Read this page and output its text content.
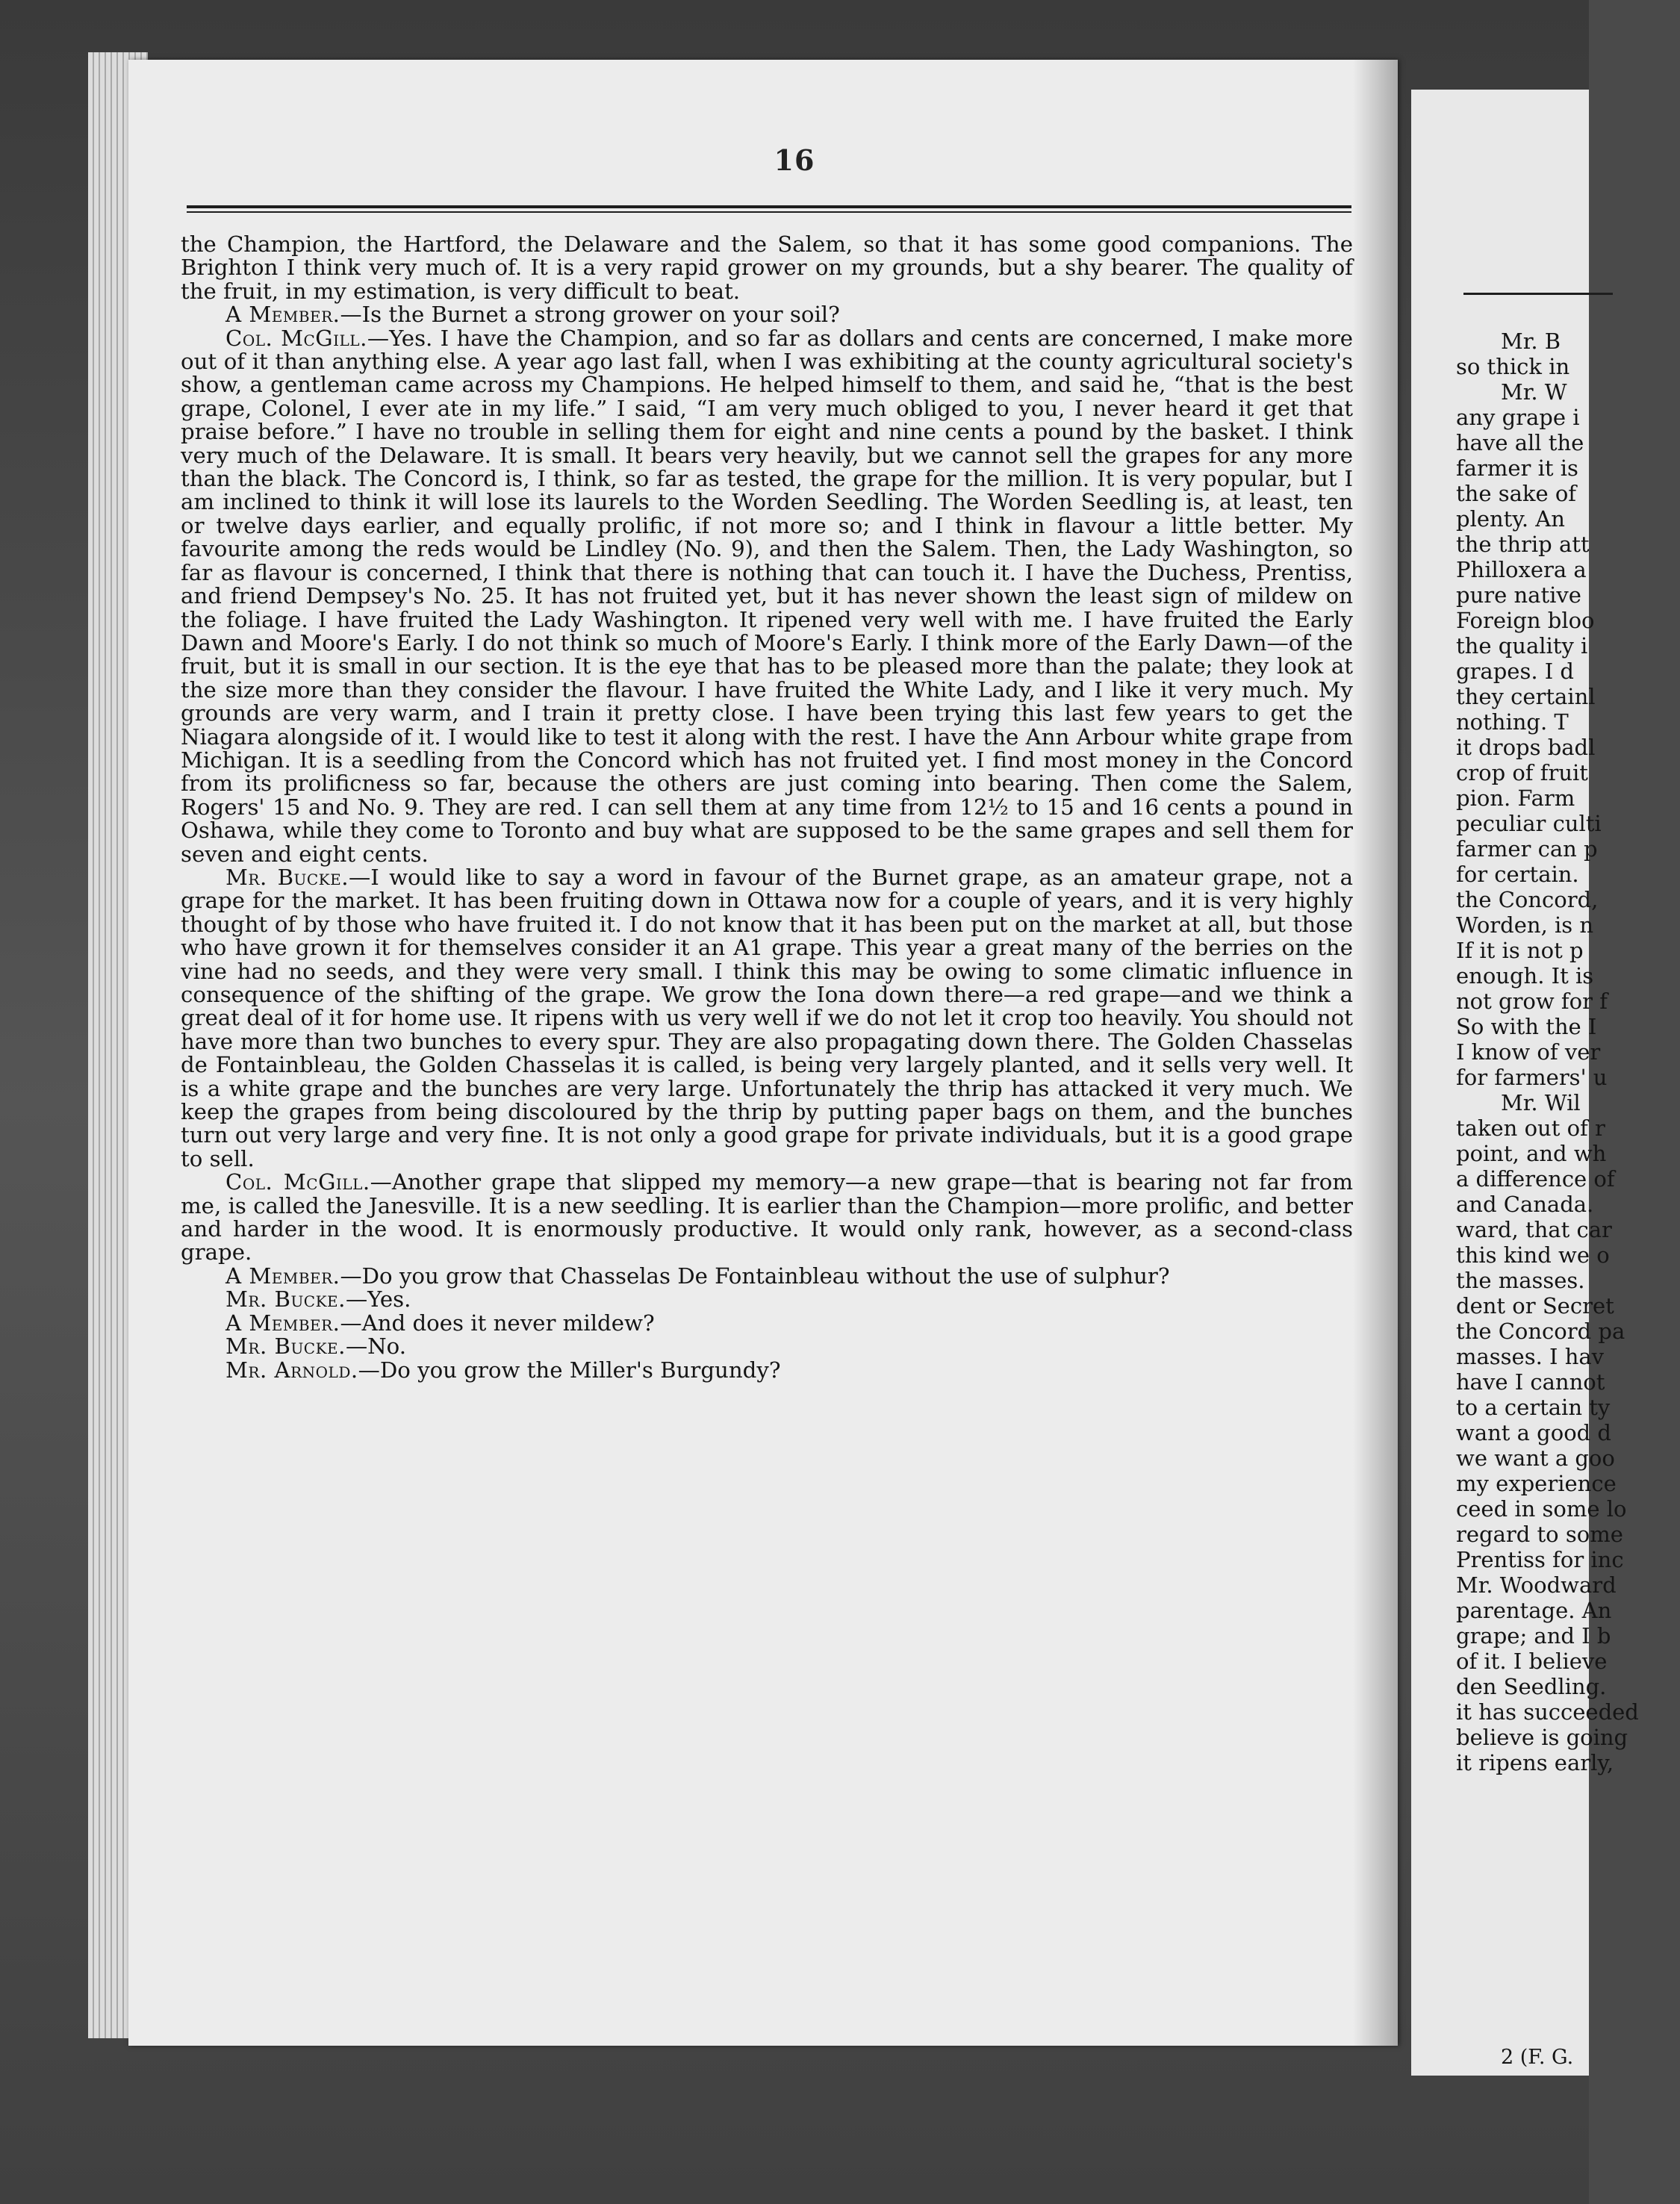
Mr. B
so thick in
Mr. W
any grape i
have all the
farmer it is
the sake of
plenty. An
the thrip att
Philloxera a
pure native
Foreign bloo
the quality i
grapes. I d
they certainl
nothing. T
it drops badl
crop of fruit
pion. Farm
peculiar culti
farmer can p
for certain.
the Concord,
Worden, is n
If it is not p
enough. It is
not grow for f
So with the I
I know of ver
for farmers' u
Mr. Wil
taken out of r
point, and wh
a difference of
and Canada.
ward, that car
this kind we o
the masses.
dent or Secret
the Concord pa
masses. I hav
have I cannot
to a certain ty
want a good d
we want a goo
my experience
ceed in some lo
regard to some
Prentiss for inc
Mr. Woodward
parentage. An
grape; and I b
of it. I believe
den Seedling.
it has succeeded
believe is going
it ripens early,
2 (F. G.
16

the Champion, the Hartford, the Delaware and the Salem, so that it has some good companions. The Brighton I think very much of. It is a very rapid grower on my grounds, but a shy bearer. The quality of the fruit, in my estimation, is very difficult to beat.

A Member.—Is the Burnet a strong grower on your soil?

Col. McGill.—Yes. I have the Champion, and so far as dollars and cents are concerned, I make more out of it than anything else. A year ago last fall, when I was exhibiting at the county agricultural society's show, a gentleman came across my Champions. He helped himself to them, and said he, “that is the best grape, Colonel, I ever ate in my life.” I said, “I am very much obliged to you, I never heard it get that praise before.” I have no trouble in selling them for eight and nine cents a pound by the basket. I think very much of the Delaware. It is small. It bears very heavily, but we cannot sell the grapes for any more than the black. The Concord is, I think, so far as tested, the grape for the million. It is very popular, but I am inclined to think it will lose its laurels to the Worden Seedling. The Worden Seedling is, at least, ten or twelve days earlier, and equally prolific, if not more so; and I think in flavour a little better. My favourite among the reds would be Lindley (No. 9), and then the Salem. Then, the Lady Washington, so far as flavour is concerned, I think that there is nothing that can touch it. I have the Duchess, Prentiss, and friend Dempsey's No. 25. It has not fruited yet, but it has never shown the least sign of mildew on the foliage. I have fruited the Lady Washington. It ripened very well with me. I have fruited the Early Dawn and Moore's Early. I do not think so much of Moore's Early. I think more of the Early Dawn—of the fruit, but it is small in our section. It is the eye that has to be pleased more than the palate; they look at the size more than they consider the flavour. I have fruited the White Lady, and I like it very much. My grounds are very warm, and I train it pretty close. I have been trying this last few years to get the Niagara alongside of it. I would like to test it along with the rest. I have the Ann Arbour white grape from Michigan. It is a seedling from the Concord which has not fruited yet. I find most money in the Concord from its prolificness so far, because the others are just coming into bearing. Then come the Salem, Rogers' 15 and No. 9. They are red. I can sell them at any time from 12½ to 15 and 16 cents a pound in Oshawa, while they come to Toronto and buy what are supposed to be the same grapes and sell them for seven and eight cents.

Mr. Bucke.—I would like to say a word in favour of the Burnet grape, as an amateur grape, not a grape for the market. It has been fruiting down in Ottawa now for a couple of years, and it is very highly thought of by those who have fruited it. I do not know that it has been put on the market at all, but those who have grown it for themselves consider it an A1 grape. This year a great many of the berries on the vine had no seeds, and they were very small. I think this may be owing to some climatic influence in consequence of the shifting of the grape. We grow the Iona down there—a red grape—and we think a great deal of it for home use. It ripens with us very well if we do not let it crop too heavily. You should not have more than two bunches to every spur. They are also propagating down there. The Golden Chasselas de Fontainbleau, the Golden Chasselas it is called, is being very largely planted, and it sells very well. It is a white grape and the bunches are very large. Unfortunately the thrip has attacked it very much. We keep the grapes from being discoloured by the thrip by putting paper bags on them, and the bunches turn out very large and very fine. It is not only a good grape for private individuals, but it is a good grape to sell.

Col. McGill.—Another grape that slipped my memory—a new grape—that is bearing not far from me, is called the Janesville. It is a new seedling. It is earlier than the Champion—more prolific, and better and harder in the wood. It is enormously productive. It would only rank, however, as a second-class grape.

A Member.—Do you grow that Chasselas De Fontainbleau without the use of sulphur?

Mr. Bucke.—Yes.

A Member.—And does it never mildew?

Mr. Bucke.—No.

Mr. Arnold.—Do you grow the Miller's Burgundy?
